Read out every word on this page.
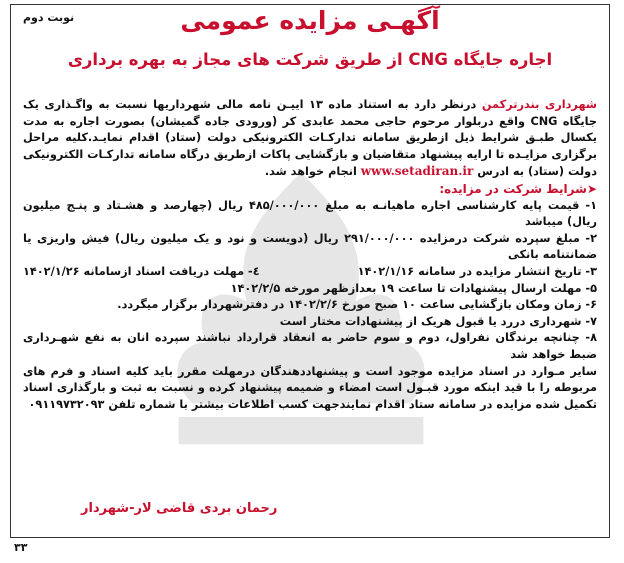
نوبت دوم	آگهـی مزایده عمومی
اجاره جایگاه CNG از طریق شرکت های مجاز به بهره برداری

شهرداری بندرترکمن درنظر دارد به استناد ماده ۱۳ اییـن نامه مالی شهرداریها نسبت به واگـذاری یک جایگاه CNG واقع دربلوار مرحوم حاجی محمد عابدی کر (ورودی جاده گمیشان) بصورت اجاره به مدت یکسال طبـق شرایط ذیل ازطریق سامانه تدارکـات الکترونیکی دولت (ستاد) اقدام نمایـد.کلیه مراحل برگزاری مزایـده تا ارایه پیشنهاد متقاضیان و بازگشایی پاکات ازطریق درگاه سامانه تدارکـات الکترونیکی دولت (ستاد) به ادرس www.setadiran.ir انجام خواهد شد.

➤شرایط شرکت در مزایده:

۱- قیمت پایه کارشناسی اجاره ماهیانـه به مبلغ ۴۸۵/۰۰۰/۰۰۰ ریال (چهارصد و هشـتاد و پنـج میلیون ریال) میباشد

۲- مبلغ سپرده شرکت درمزایده ۲۹۱/۰۰۰/۰۰۰ ریال (دویست و نود و یک میلیون ریال) فیش واریزی یا ضمانتنامه بانکی

۳- تاریخ انتشار مزایده در سامانه ۱۴۰۲/۱/۱۶
٤- مهلت دریافت اسناد ازسامانه ۱۴۰۲/۱/۲۶

۵- مهلت ارسال پیشنهادات تا ساعت ۱۹ بعدازظهر مورخه ۱۴۰۲/۲/۵

۶- زمان ومکان بازگشایی ساعت ۱۰ صبح مورخ ۱۴۰۲/۲/۶ در دفترشهردار برگزار میگردد.

۷- شهرداری دررد یا قبول هریک از پیشنهادات مختار است

۸- چنانچه برندگان نفراول، دوم و سوم حاضر به انعقاد قرارداد نباشند سپرده انان به نفع شهـرداری ضبط خواهد شد

سایر مـوارد در اسناد مزایده موجود است و پیشنهاددهندگان درمهلت مقرر باید کلیه اسناد و فرم های مربوطه را با قید اینکه مورد قبـول است امضاء و ضمیمه پیشنهاد کرده و نسبت به ثبت و بارگذاری اسناد تکمیل شده مزایده در سامانه ستاد اقدام نمایندجهت کسب اطلاعات بیشتر با شماره تلفن ۰۹۱۱۹۷۳۲۰۹۳

رحمان بردی قاضی لار-شهردار
۳۳
